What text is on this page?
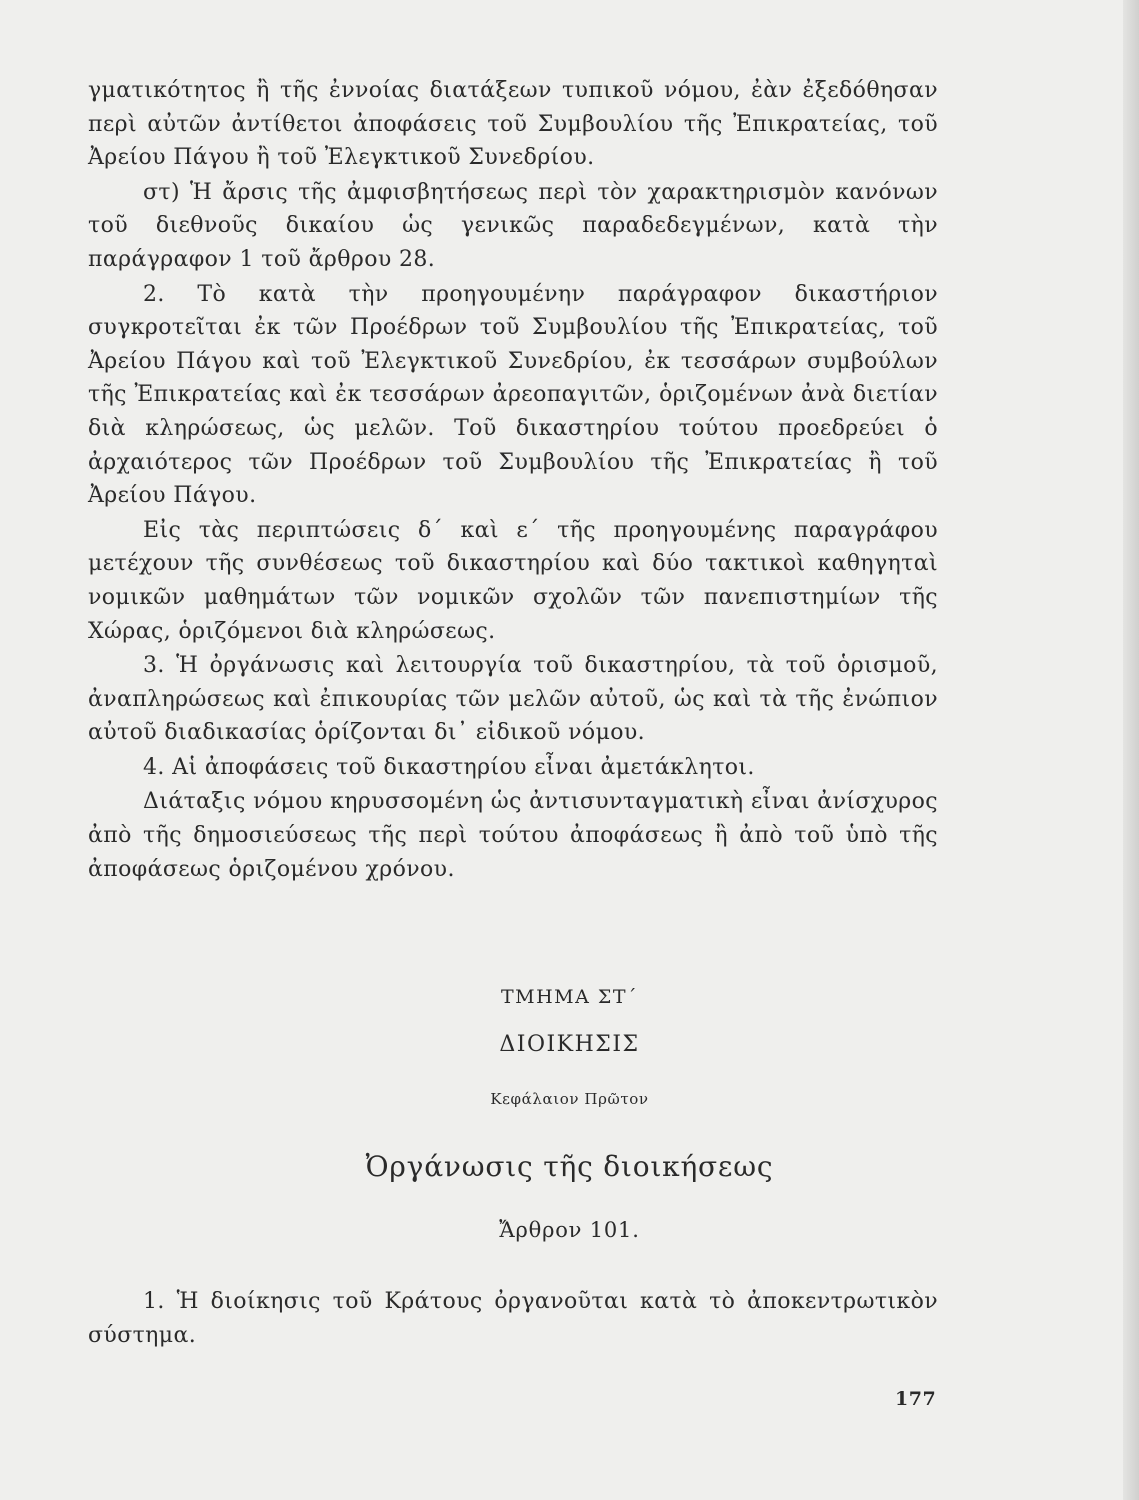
γματικότητος ἢ τῆς ἐννοίας διατάξεων τυπικοῦ νόμου, ἐὰν ἐξεδόθησαν περὶ αὐτῶν ἀντίθετοι ἀποφάσεις τοῦ Συμβουλίου τῆς Ἐπικρατείας, τοῦ Ἀρείου Πάγου ἢ τοῦ Ἐλεγκτικοῦ Συνεδρίου.

στ) Ἡ ἄρσις τῆς ἀμφισβητήσεως περὶ τὸν χαρακτηρισμὸν κανόνων τοῦ διεθνοῦς δικαίου ὡς γενικῶς παραδεδεγμένων, κατὰ τὴν παράγραφον 1 τοῦ ἄρθρου 28.

2. Τὸ κατὰ τὴν προηγουμένην παράγραφον δικαστήριον συγκροτεῖται ἐκ τῶν Προέδρων τοῦ Συμβουλίου τῆς Ἐπικρατείας, τοῦ Ἀρείου Πάγου καὶ τοῦ Ἐλεγκτικοῦ Συνεδρίου, ἐκ τεσσάρων συμβούλων τῆς Ἐπικρατείας καὶ ἐκ τεσσάρων ἀρεοπαγιτῶν, ὁριζομένων ἀνὰ διετίαν διὰ κληρώσεως, ὡς μελῶν. Τοῦ δικαστηρίου τούτου προεδρεύει ὁ ἀρχαιότερος τῶν Προέδρων τοῦ Συμβουλίου τῆς Ἐπικρατείας ἢ τοῦ Ἀρείου Πάγου.

Εἰς τὰς περιπτώσεις δ΄ καὶ ε΄ τῆς προηγουμένης παραγράφου μετέχουν τῆς συνθέσεως τοῦ δικαστηρίου καὶ δύο τακτικοὶ καθηγηταὶ νομικῶν μαθημάτων τῶν νομικῶν σχολῶν τῶν πανεπιστημίων τῆς Χώρας, ὁριζόμενοι διὰ κληρώσεως.

3. Ἡ ὀργάνωσις καὶ λειτουργία τοῦ δικαστηρίου, τὰ τοῦ ὁρισμοῦ, ἀναπληρώσεως καὶ ἐπικουρίας τῶν μελῶν αὐτοῦ, ὡς καὶ τὰ τῆς ἐνώπιον αὐτοῦ διαδικασίας ὁρίζονται δι᾽ εἰδικοῦ νόμου.

4. Αἱ ἀποφάσεις τοῦ δικαστηρίου εἶναι ἀμετάκλητοι.

Διάταξις νόμου κηρυσσομένη ὡς ἀντισυνταγματικὴ εἶναι ἀνίσχυρος ἀπὸ τῆς δημοσιεύσεως τῆς περὶ τούτου ἀποφάσεως ἢ ἀπὸ τοῦ ὑπὸ τῆς ἀποφάσεως ὁριζομένου χρόνου.

ΤΜΗΜΑ ΣΤ΄

ΔΙΟΙΚΗΣΙΣ

Κεφάλαιον Πρῶτον

Ὀργάνωσις τῆς διοικήσεως

Ἄρθρον 101.

1. Ἡ διοίκησις τοῦ Κράτους ὀργανοῦται κατὰ τὸ ἀποκεντρωτικὸν σύστημα.

177
